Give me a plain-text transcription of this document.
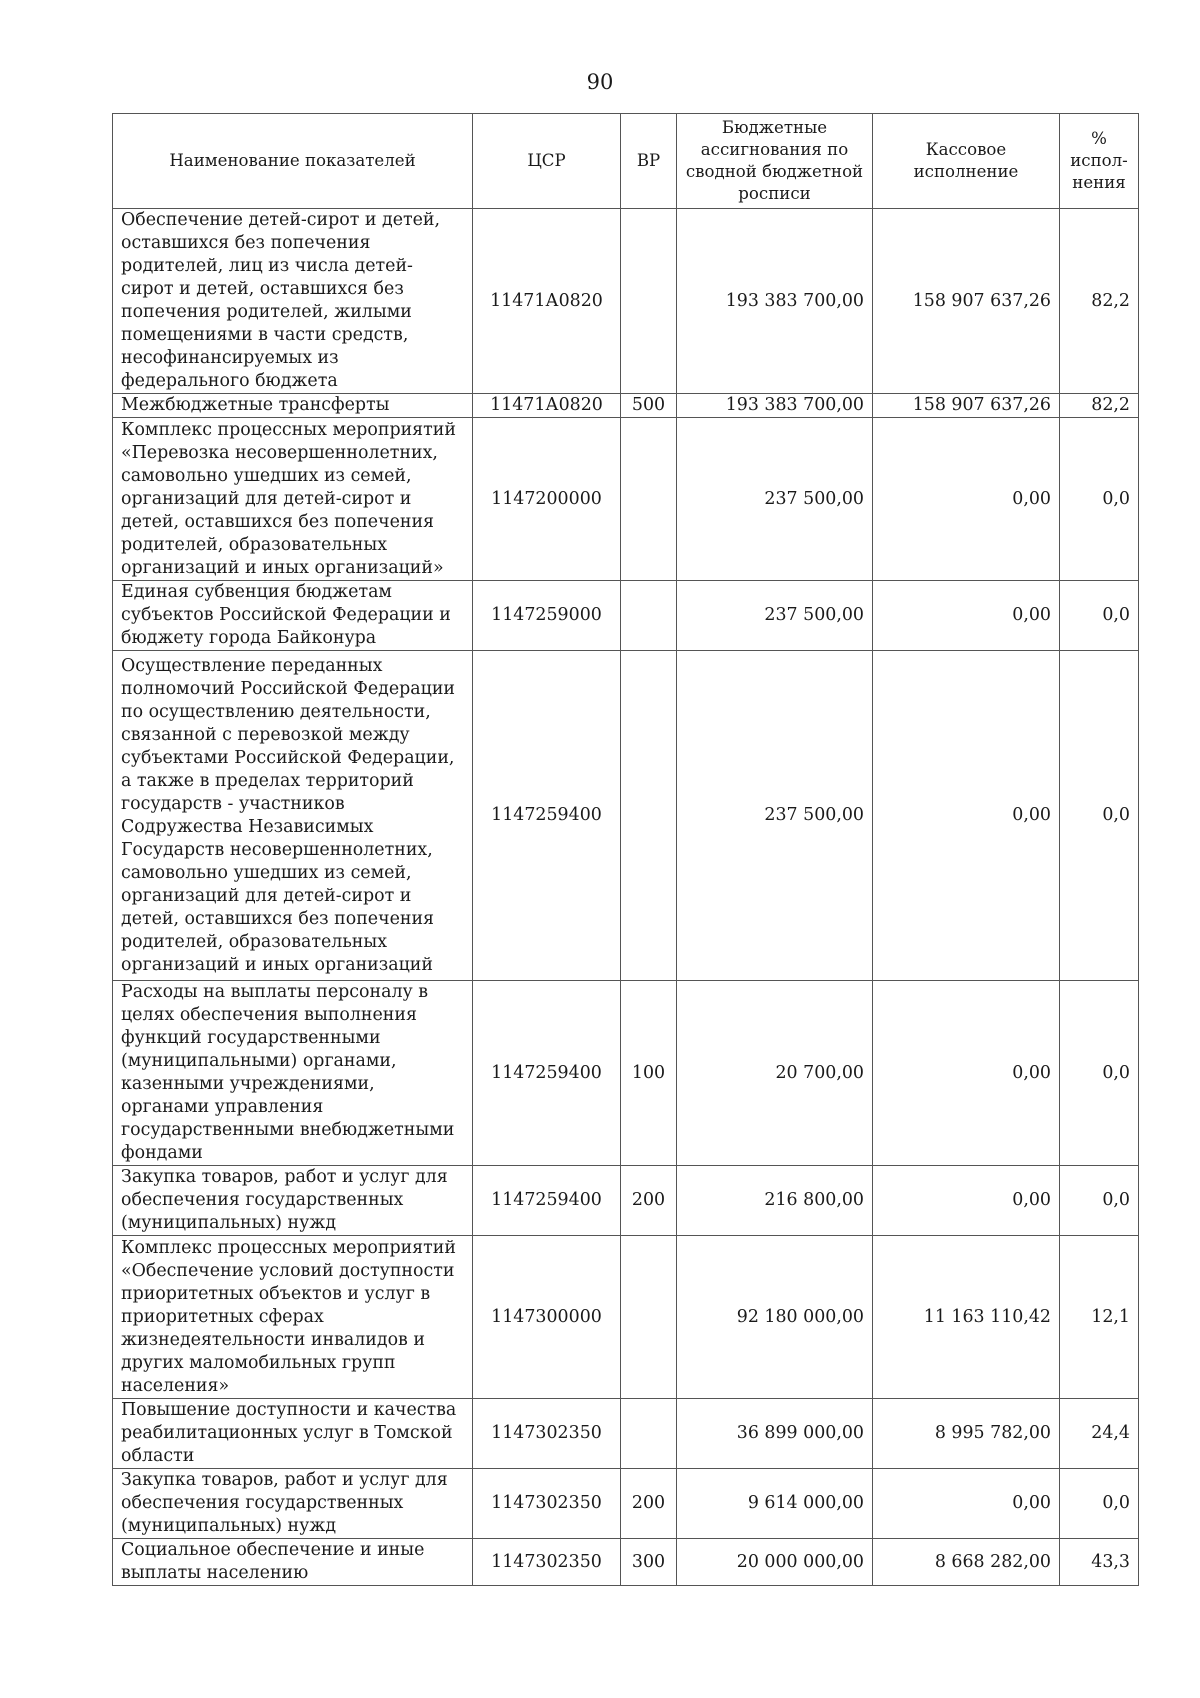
90
Наименование показателей	ЦСР	ВР	Бюджетные ассигнования по сводной бюджетной росписи	Кассовое исполнение	% испол-нения
Обеспечение детей-сирот и детей, оставшихся без попечения родителей, лиц из числа детей-сирот и детей, оставшихся без попечения родителей, жилыми помещениями в части средств, несофинансируемых из федерального бюджета	11471А0820		193 383 700,00	158 907 637,26	82,2
Межбюджетные трансферты	11471А0820	500	193 383 700,00	158 907 637,26	82,2
Комплекс процессных мероприятий «Перевозка несовершеннолетних, самовольно ушедших из семей, организаций для детей-сирот и детей, оставшихся без попечения родителей, образовательных организаций и иных организаций»	1147200000		237 500,00	0,00	0,0
Единая субвенция бюджетам субъектов Российской Федерации и бюджету города Байконура	1147259000		237 500,00	0,00	0,0
Осуществление переданных полномочий Российской Федерации по осуществлению деятельности, связанной с перевозкой между субъектами Российской Федерации, а также в пределах территорий государств - участников Содружества Независимых Государств несовершеннолетних, самовольно ушедших из семей, организаций для детей-сирот и детей, оставшихся без попечения родителей, образовательных организаций и иных организаций	1147259400		237 500,00	0,00	0,0
Расходы на выплаты персоналу в целях обеспечения выполнения функций государственными (муниципальными) органами, казенными учреждениями, органами управления государственными внебюджетными фондами	1147259400	100	20 700,00	0,00	0,0
Закупка товаров, работ и услуг для обеспечения государственных (муниципальных) нужд	1147259400	200	216 800,00	0,00	0,0
Комплекс процессных мероприятий «Обеспечение условий доступности приоритетных объектов и услуг в приоритетных сферах жизнедеятельности инвалидов и других маломобильных групп населения»	1147300000		92 180 000,00	11 163 110,42	12,1
Повышение доступности и качества реабилитационных услуг в Томской области	1147302350		36 899 000,00	8 995 782,00	24,4
Закупка товаров, работ и услуг для обеспечения государственных (муниципальных) нужд	1147302350	200	9 614 000,00	0,00	0,0
Социальное обеспечение и иные выплаты населению	1147302350	300	20 000 000,00	8 668 282,00	43,3
